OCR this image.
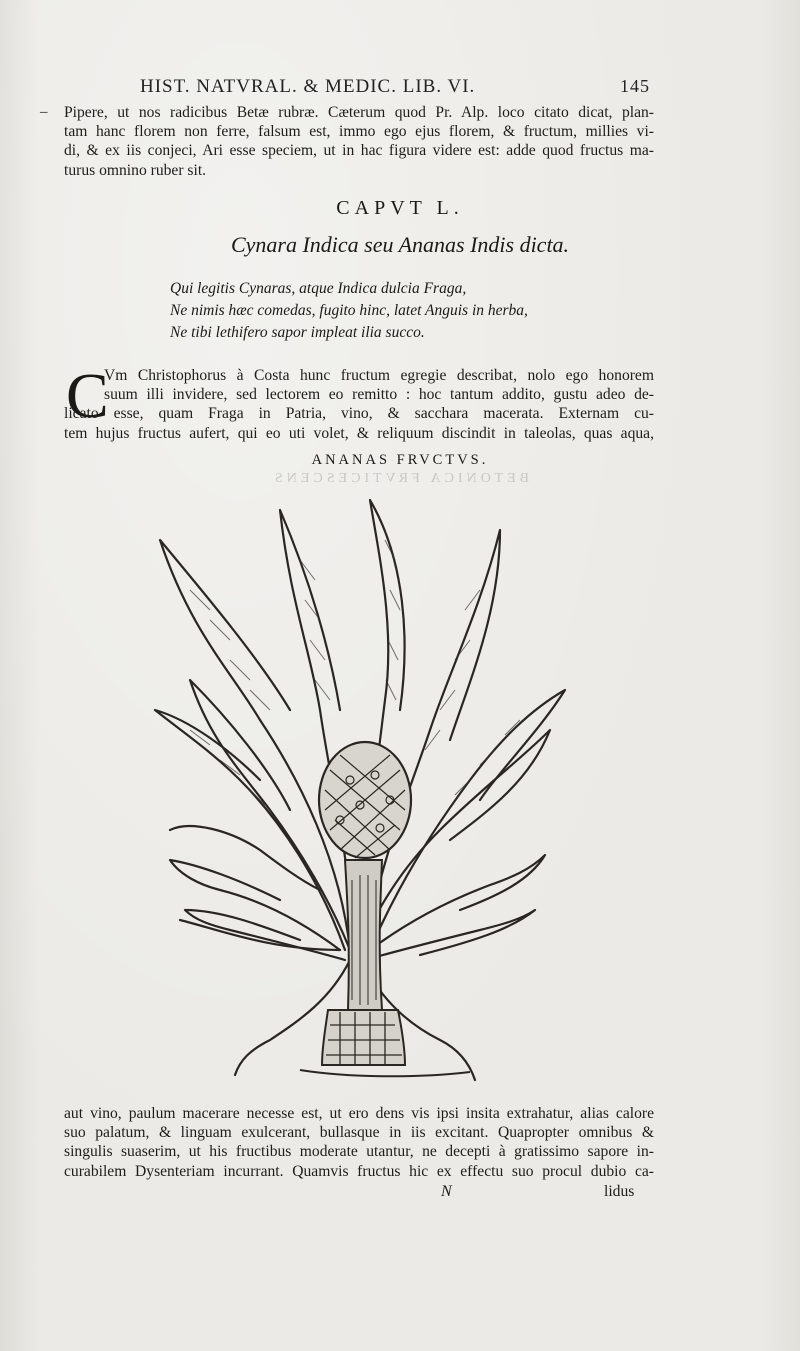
HIST. NATVRAL. & MEDIC. LIB. VI.	145
– Pipere, ut nos radicibus Betæ rubræ. Cæterum quod Pr. Alp. loco citato dicat, plan-
tam hanc florem non ferre, falsum est, immo ego ejus florem, & fructum, millies vi-
di, & ex iis conjeci, Ari esse speciem, ut in hac figura videre est: adde quod fructus ma-
turus omnino ruber sit.
CAPVT L.
Cynara Indica seu Ananas Indis dicta.
Qui legitis Cynaras, atque Indica dulcia Fraga,
Ne nimis hæc comedas, fugito hinc, latet Anguis in herba,
Ne tibi lethifero sapor impleat ilia succo.
C
Vm Christophorus à Costa hunc fructum egregie describat, nolo ego honorem
suum illi invidere, sed lectorem eo remitto : hoc tantum addito, gustu adeo de-
licato esse, quam Fraga in Patria, vino, & sacchara macerata. Externam cu-
tem hujus fructus aufert, qui eo uti volet, & reliquum discindit in taleolas, quas aqua,
ANANAS FRVCTVS.
BETONICA FRVTICESCENS
aut vino, paulum macerare necesse est, ut ero dens vis ipsi insita extrahatur, alias calore
suo palatum, & linguam exulcerant, bullasque in iis excitant. Quapropter omnibus &
singulis suaserim, ut his fructibus moderate utantur, ne decepti à gratissimo sapore in-
curabilem Dysenteriam incurrant. Quamvis fructus hic ex effectu suo procul dubio ca-
N	lidus
